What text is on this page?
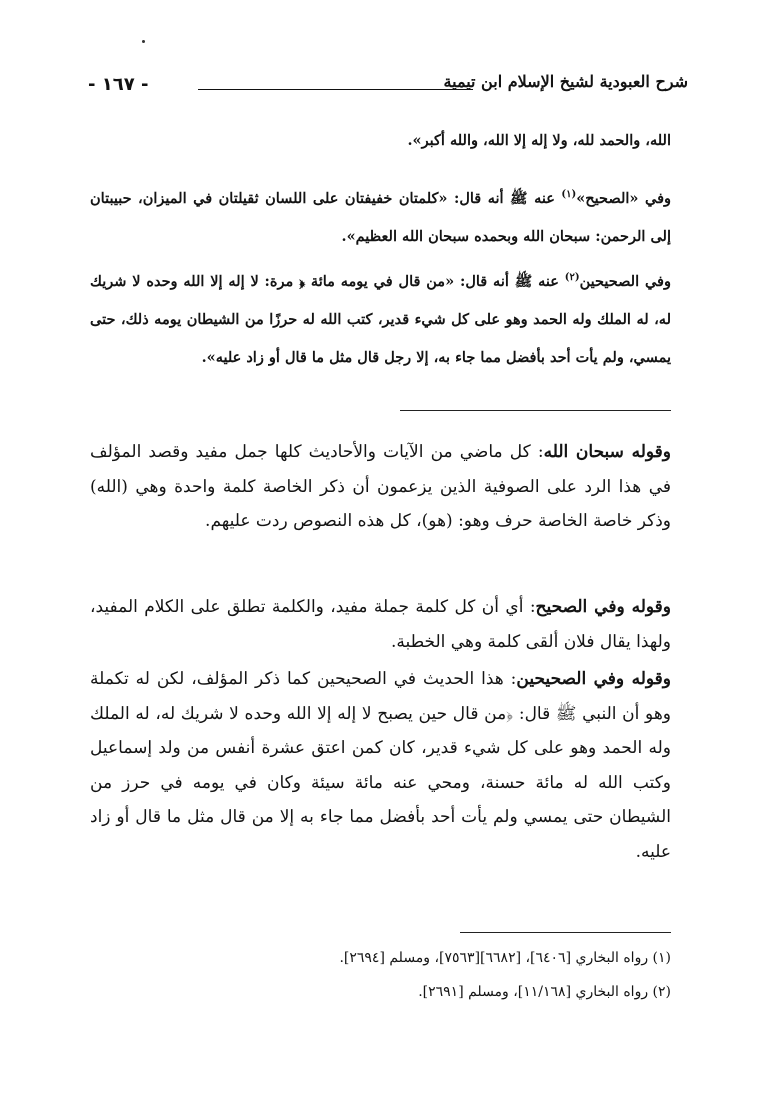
- ١٦٧ -	شرح العبودية لشيخ الإسلام ابن تيمية

الله، والحمد لله، ولا إله إلا الله، والله أكبر».

وفي «الصحيح»$^{(١)}$ عنه ﷺ أنه قال: «كلمتان خفيفتان على اللسان ثقيلتان في الميزان، حبيبتان إلى الرحمن: سبحان الله وبحمده سبحان الله العظيم».

وفي الصحيحين$^{(٢)}$ عنه ﷺ أنه قال: «من قال في يومه مائة ﴿ مرة: لا إله إلا الله وحده لا شريك له، له الملك وله الحمد وهو على كل شيء قدير، كتب الله له حرزًا من الشيطان يومه ذلك، حتى يمسي، ولم يأت أحد بأفضل مما جاء به، إلا رجل قال مثل ما قال أو زاد عليه».

وقوله سبحان الله: كل ماضي من الآيات والأحاديث كلها جمل مفيد وقصد المؤلف في هذا الرد على الصوفية الذين يزعمون أن ذكر الخاصة كلمة واحدة وهي (الله) وذكر خاصة الخاصة حرف وهو: (هو)، كل هذه النصوص ردت عليهم.

وقوله وفي الصحيح: أي أن كل كلمة جملة مفيد، والكلمة تطلق على الكلام المفيد، ولهذا يقال فلان ألقى كلمة وهي الخطبة.

وقوله وفي الصحيحين: هذا الحديث في الصحيحين كما ذكر المؤلف، لكن له تكملة وهو أن النبي ﷺ قال: ﴿من قال حين يصبح لا إله إلا الله وحده لا شريك له، له الملك وله الحمد وهو على كل شيء قدير، كان كمن اعتق عشرة أنفس من ولد إسماعيل وكتب الله له مائة حسنة، ومحي عنه مائة سيئة وكان في يومه في حرز من الشيطان حتى يمسي ولم يأت أحد بأفضل مما جاء به إلا من قال مثل ما قال أو زاد عليه.

(١) رواه البخاري [٦٤٠٦]، [٦٦٨٢][٧٥٦٣]، ومسلم [٢٦٩٤].

(٢) رواه البخاري [١١/١٦٨]، ومسلم [٢٦٩١].
